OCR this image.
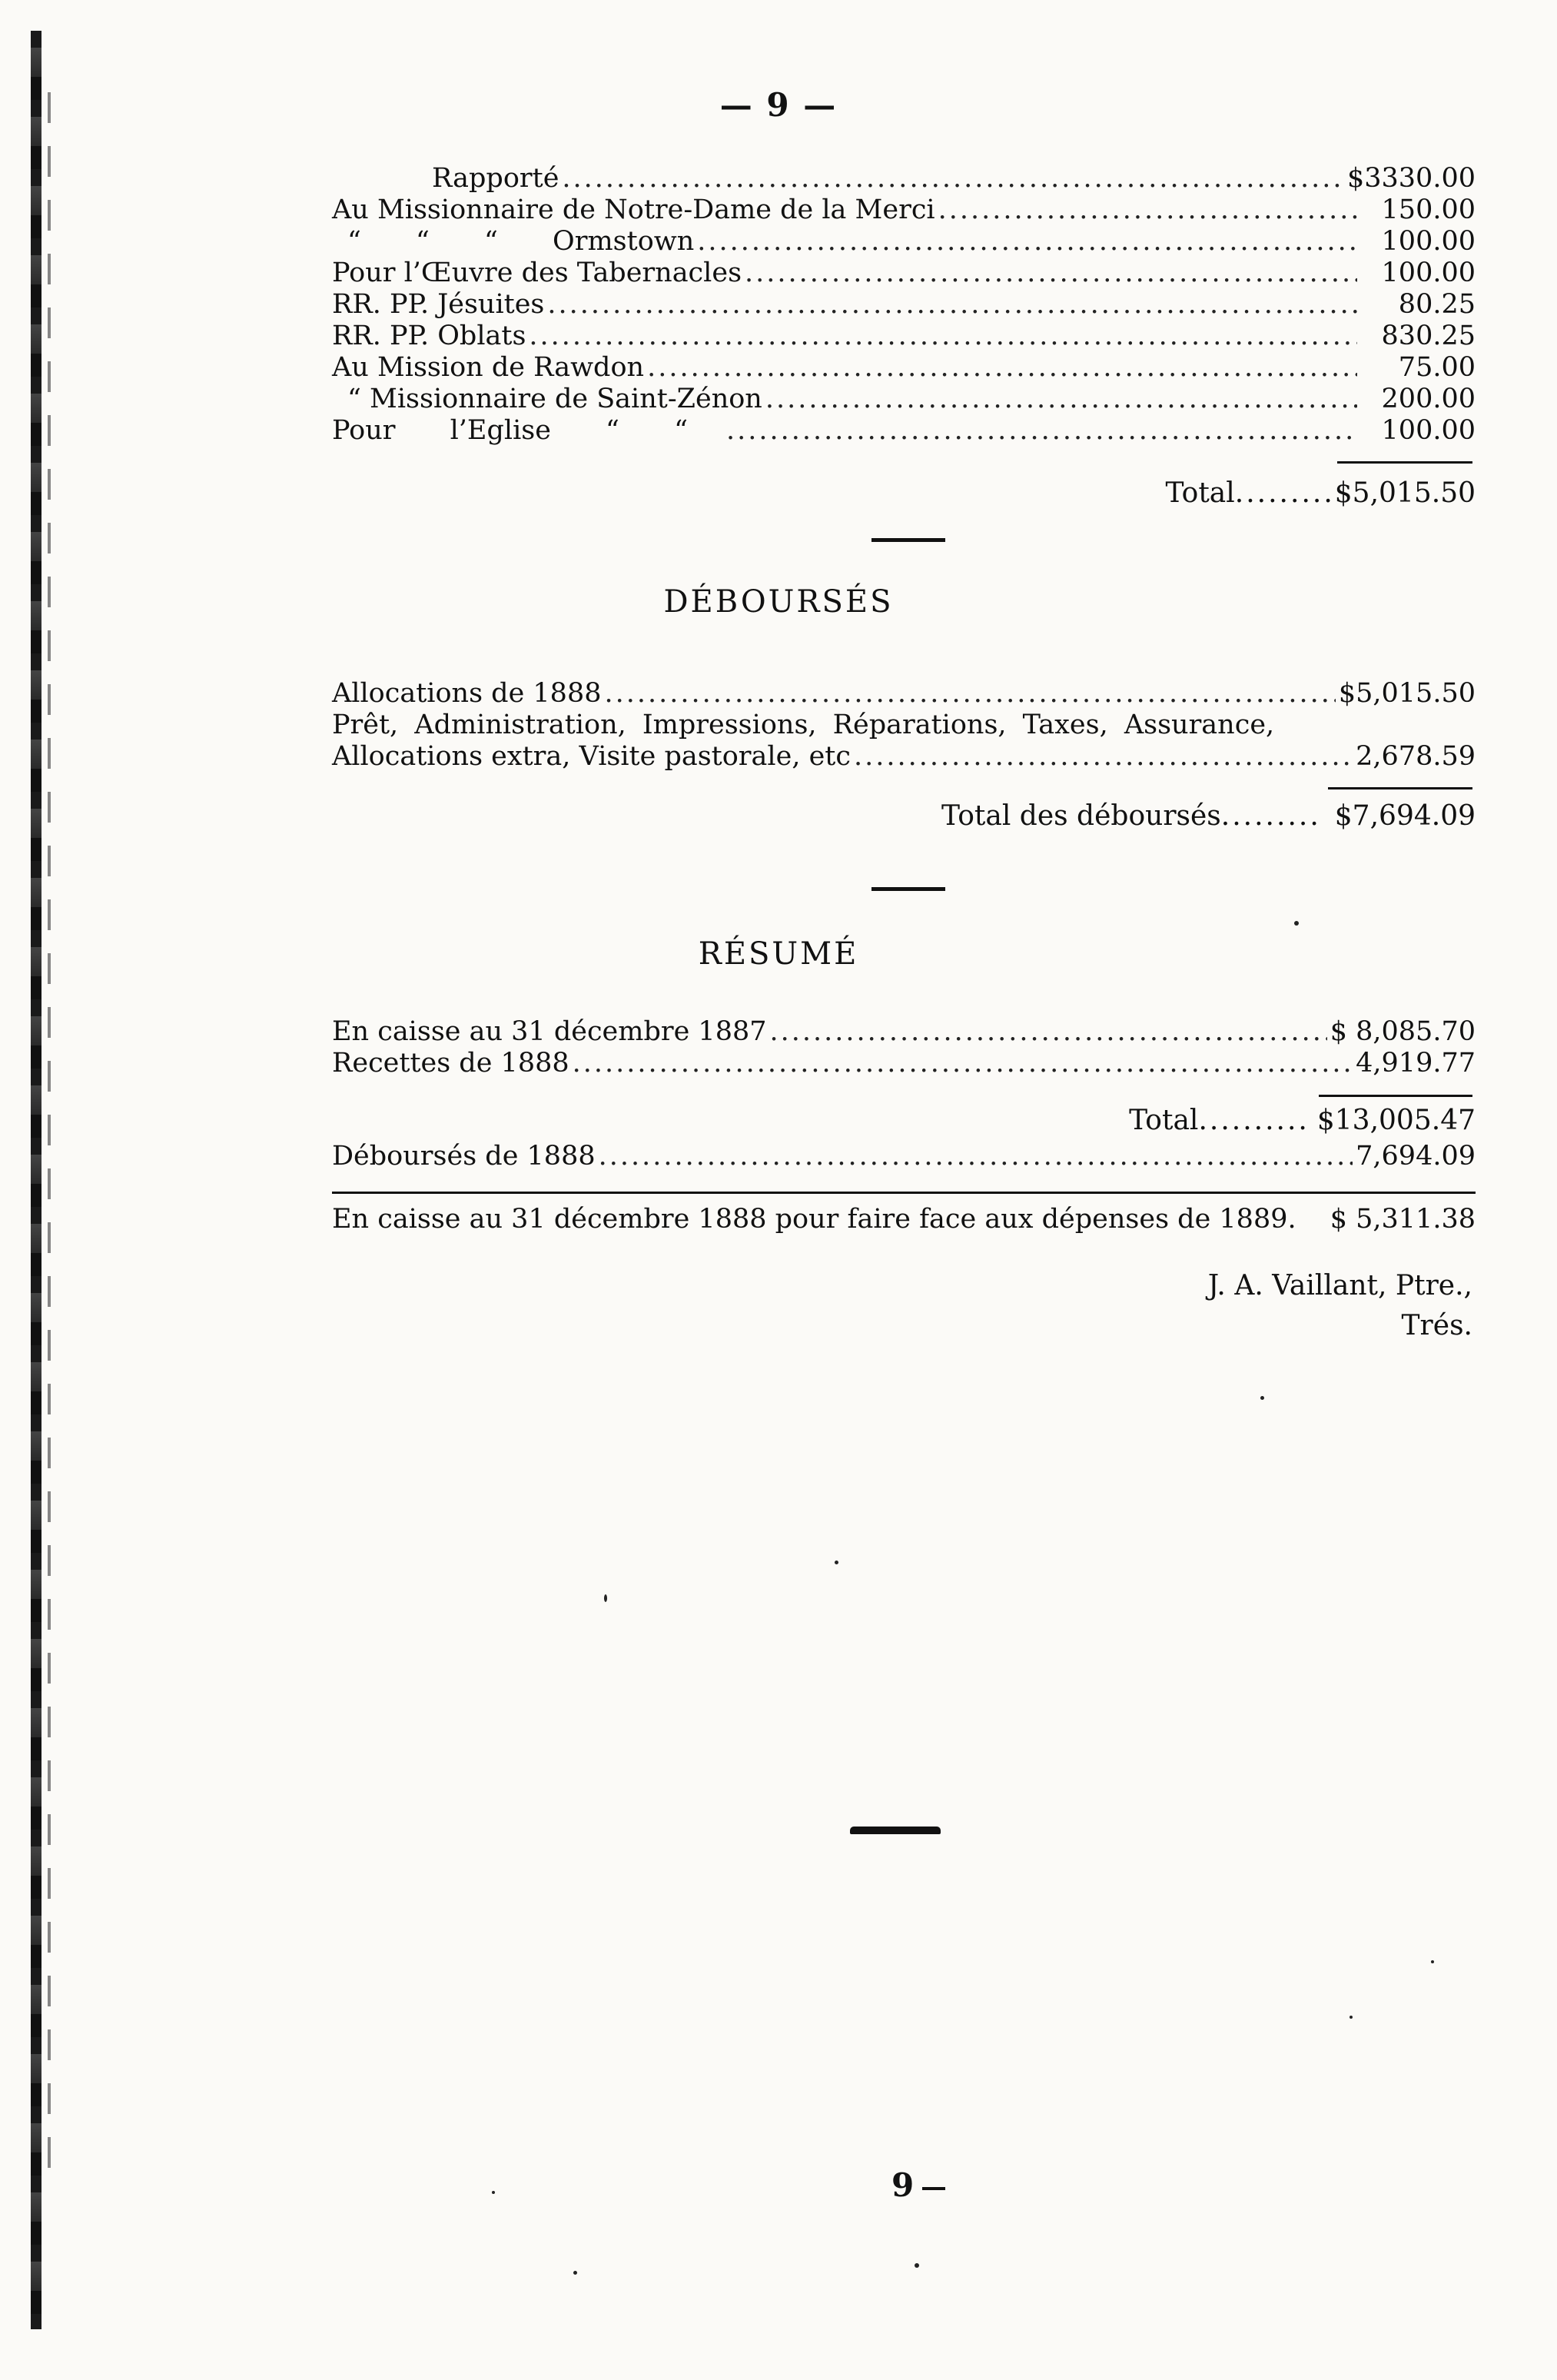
— 9 —
Rapporté .....	$3330.00
Au Missionnaire de Notre-Dame de la Merci .....	150.00
“ “ “ Ormstown .....	100.00
Pour l’Œuvre des Tabernacles .....	100.00
RR. PP. Jésuites .....	80.25
RR. PP. Oblats .....	830.25
Au Mission de Rawdon .....	75.00
“ Missionnaire de Saint-Zénon .....	200.00
Pour l’Eglise “ “ .....	100.00
Total ......... $5,015.50
DÉBOURSÉS
Allocations de 1888 .....	$5,015.50
Prêt, Administration, Impressions, Réparations, Taxes, Assurance,
Allocations extra, Visite pastorale, etc .....	2,678.59
Total des déboursés ......... $7,694.09
RÉSUMÉ
En caisse au 31 décembre 1887 .....	$ 8,085.70
Recettes de 1888 .....	4,919.77
Total .......... $13,005.47
Déboursés de 1888 .....	7,694.09
En caisse au 31 décembre 1888 pour faire face aux dépenses de 1889. $ 5,311.38
J. A. Vaillant, Ptre.,
Trés.
9
